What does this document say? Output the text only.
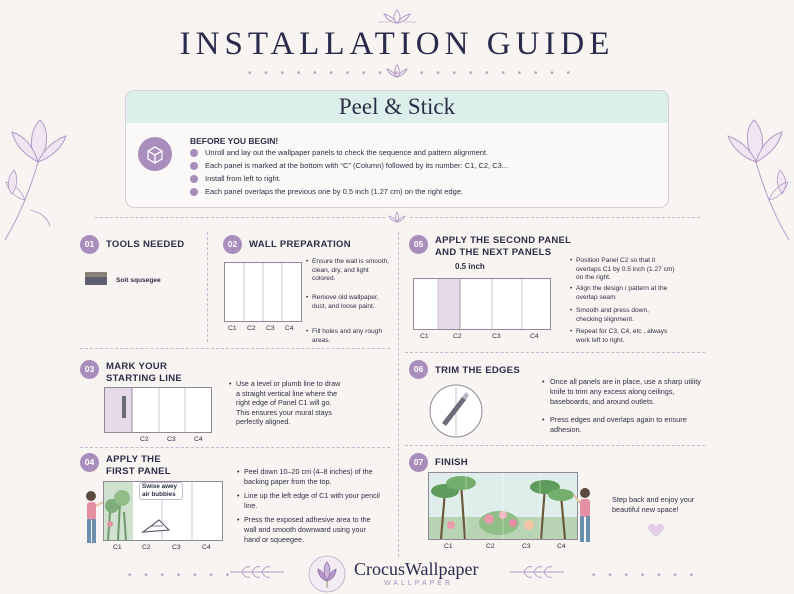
INSTALLATION GUIDE
• • • • • • • • • • • • • • • • • • • •
Peel & Stick
BEFORE YOU BEGIN!
Unroll and lay out the wallpaper panels to check the sequence and pattern alignment.
Each panel is marked at the bottom with “C” (Column) followed by its number: C1, C2, C3...
Install from left to right.
Each panel overlaps the previous one by 0.5 inch (1.27 cm) on the right edge.
01	TOOLS NEEDED
Soit squsegee
02	WALL PREPARATION
C1 C2 C3 C4
• Ensure the wall is smooth, clean, dry, and light colored.
• Remove old wallpaper, dust, and loose paint.
• Fill holes and any rough areas.
03	MARK YOUR
STARTING LINE
C2	C3	C4
• Use a level or plumb line to draw a straight vertical line where the right edge of Panel C1 will go. This ensures your mural stays perfectly aligned.
04	APPLY THE
FIRST PANEL
Swise awey air bubbies
C1	C2	C3	C4
• Peel down 10–20 cm (4–8 inches) of the backing paper from the top.
• Line up the left edge of C1 with your pencil line.
• Press the exposed adhesive area to the wall and smooth downward using your hand or squeegee.
05	APPLY THE SECOND PANEL
AND THE NEXT PANELS
0.5 inch
C1	C2	C3	C4
• Position Panel C2 so that it overlaps C1 by 0.5 inch (1.27 cm) on the right.
• Align the design / pattern at the overlap seam
• Smooth and press down, checking slignment.
• Repeat for C3, C4, etc , always work left to right.
06	TRIM THE EDGES
• Once all panels are in place, use a sharp utility knife to trim any excess along ceilings, baseboards, and around outlets.
• Press edges and overlaps again to ensure adhesion.
07	FINISH
C1	C2	C3	C4
Step back and enjoy your beautiful new space!
• • • • • • •	CrocusWallpaper
WALLPAPER
• • • • • • •
